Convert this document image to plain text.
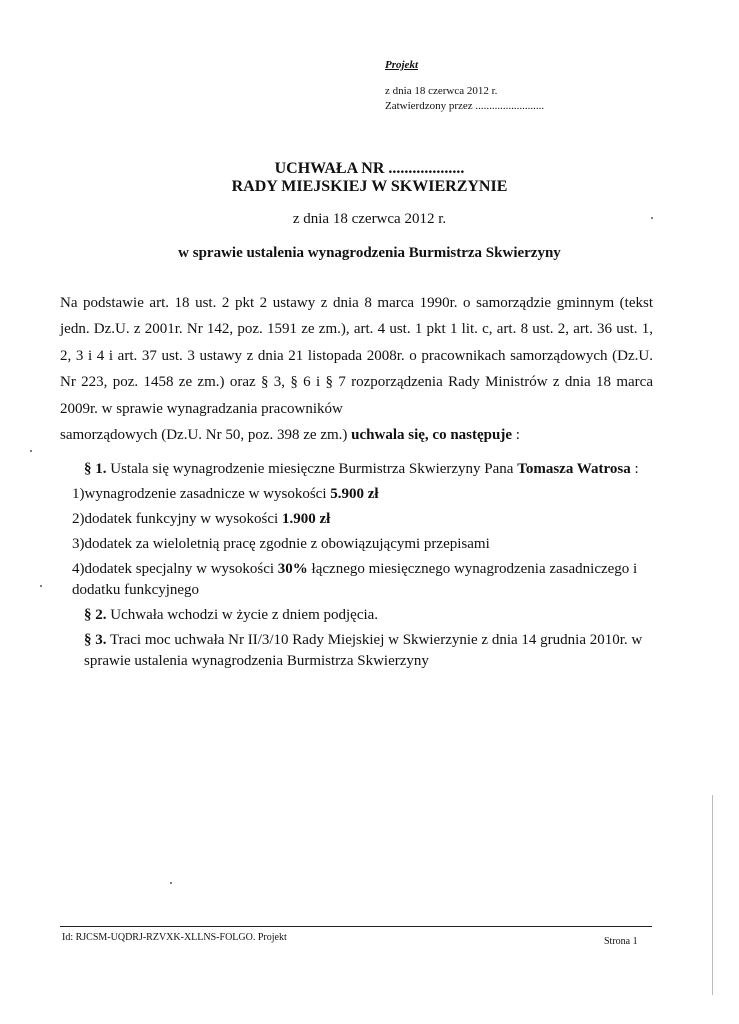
Projekt
z dnia 18 czerwca 2012 r.
Zatwierdzony przez .........................
UCHWAŁA NR ...................
RADY MIEJSKIEJ W SKWIERZYNIE
z dnia 18 czerwca 2012 r.
w sprawie ustalenia wynagrodzenia Burmistrza Skwierzyny

Na podstawie art. 18 ust. 2 pkt 2 ustawy z dnia 8 marca 1990r. o samorządzie gminnym (tekst jedn. Dz.U. z 2001r. Nr 142, poz. 1591 ze zm.), art. 4 ust. 1 pkt 1 lit. c, art. 8 ust. 2, art. 36 ust. 1, 2, 3 i 4 i art. 37 ust. 3 ustawy z dnia 21 listopada 2008r. o pracownikach samorządowych (Dz.U. Nr 223, poz. 1458 ze zm.) oraz § 3, § 6 i § 7 rozporządzenia Rady Ministrów z dnia 18 marca 2009r. w sprawie wynagradzania pracowników

samorządowych (Dz.U. Nr 50, poz. 398 ze zm.) uchwala się, co następuje :

§ 1. Ustala się wynagrodzenie miesięczne Burmistrza Skwierzyny Pana Tomasza Watrosa :

1)wynagrodzenie zasadnicze w wysokości 5.900 zł
2)dodatek funkcyjny w wysokości 1.900 zł
3)dodatek za wieloletnią pracę zgodnie z obowiązującymi przepisami
4)dodatek specjalny w wysokości 30% łącznego miesięcznego wynagrodzenia zasadniczego i dodatku funkcyjnego

§ 2. Uchwała wchodzi w życie z dniem podjęcia.

§ 3. Traci moc uchwała Nr II/3/10 Rady Miejskiej w Skwierzynie z dnia 14 grudnia 2010r. w sprawie ustalenia wynagrodzenia Burmistrza Skwierzyny

Id: RJCSM-UQDRJ-RZVXK-XLLNS-FOLGO. Projekt	Strona 1
